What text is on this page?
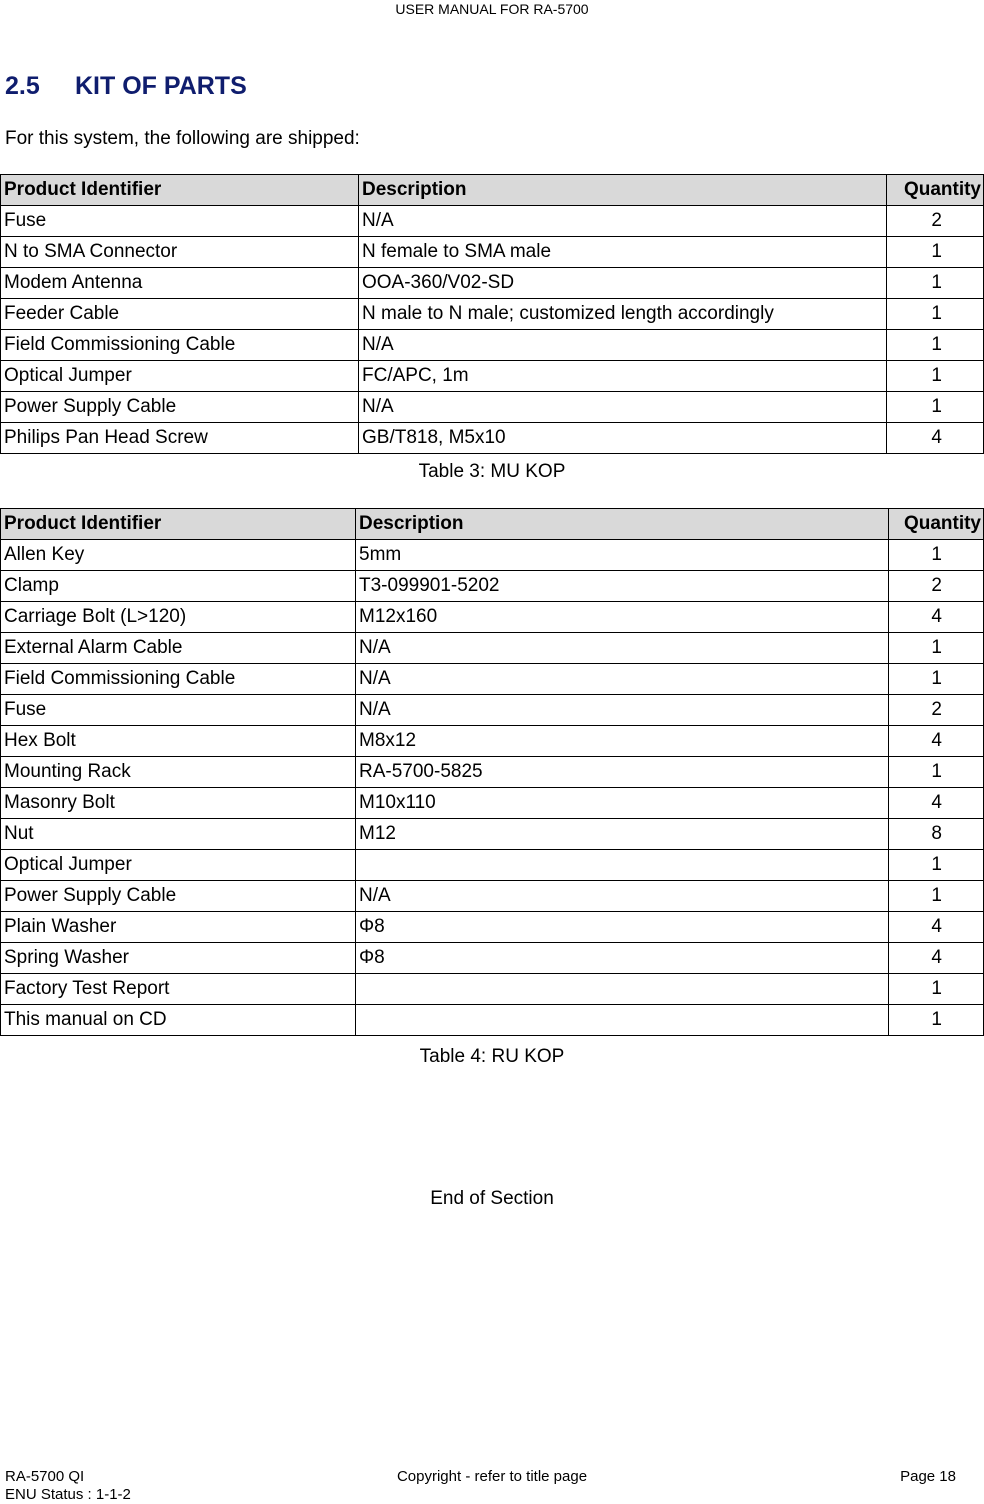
USER MANUAL FOR RA-5700
2.5 KIT OF PARTS
For this system, the following are shipped:
Product Identifier	Description	Quantity
Fuse	N/A	2
N to SMA Connector	N female to SMA male	1
Modem Antenna	OOA-360/V02-SD	1
Feeder Cable	N male to N male; customized length accordingly	1
Field Commissioning Cable	N/A	1
Optical Jumper	FC/APC, 1m	1
Power Supply Cable	N/A	1
Philips Pan Head Screw	GB/T818, M5x10	4
Table 3: MU KOP
Product Identifier	Description	Quantity
Allen Key	5mm	1
Clamp	T3-099901-5202	2
Carriage Bolt (L>120)	M12x160	4
External Alarm Cable	N/A	1
Field Commissioning Cable	N/A	1
Fuse	N/A	2
Hex Bolt	M8x12	4
Mounting Rack	RA-5700-5825	1
Masonry Bolt	M10x110	4
Nut	M12	8
Optical Jumper		1
Power Supply Cable	N/A	1
Plain Washer	Φ8	4
Spring Washer	Φ8	4
Factory Test Report		1
This manual on CD		1
Table 4: RU KOP
End of Section
RA-5700 QI
ENU Status : 1-1-2
Copyright - refer to title page	Page 18
